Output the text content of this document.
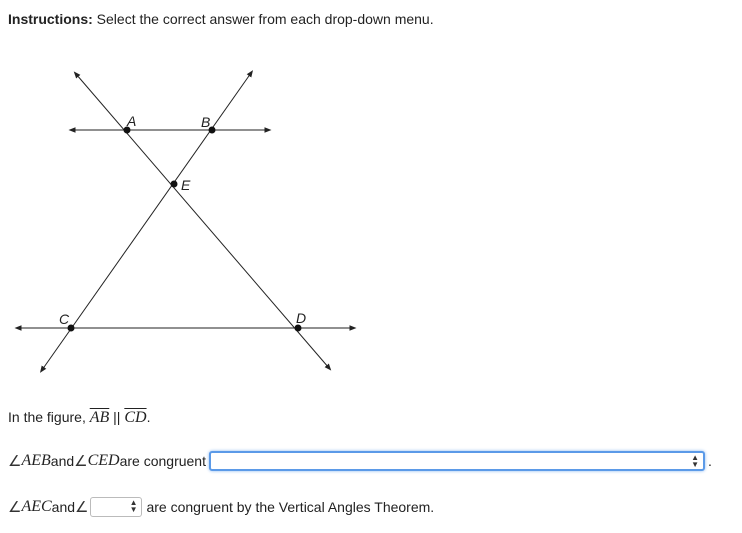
Instructions: Select the correct answer from each drop-down menu.
A	B
E
C	D
In the figure, $\overline{AB}$ || $\overline{CD}$.
∠ AEB and ∠ CED are congruent	▲
▼ .
∠ AEC and ∠	▲
▼ are congruent by the Vertical Angles Theorem.
